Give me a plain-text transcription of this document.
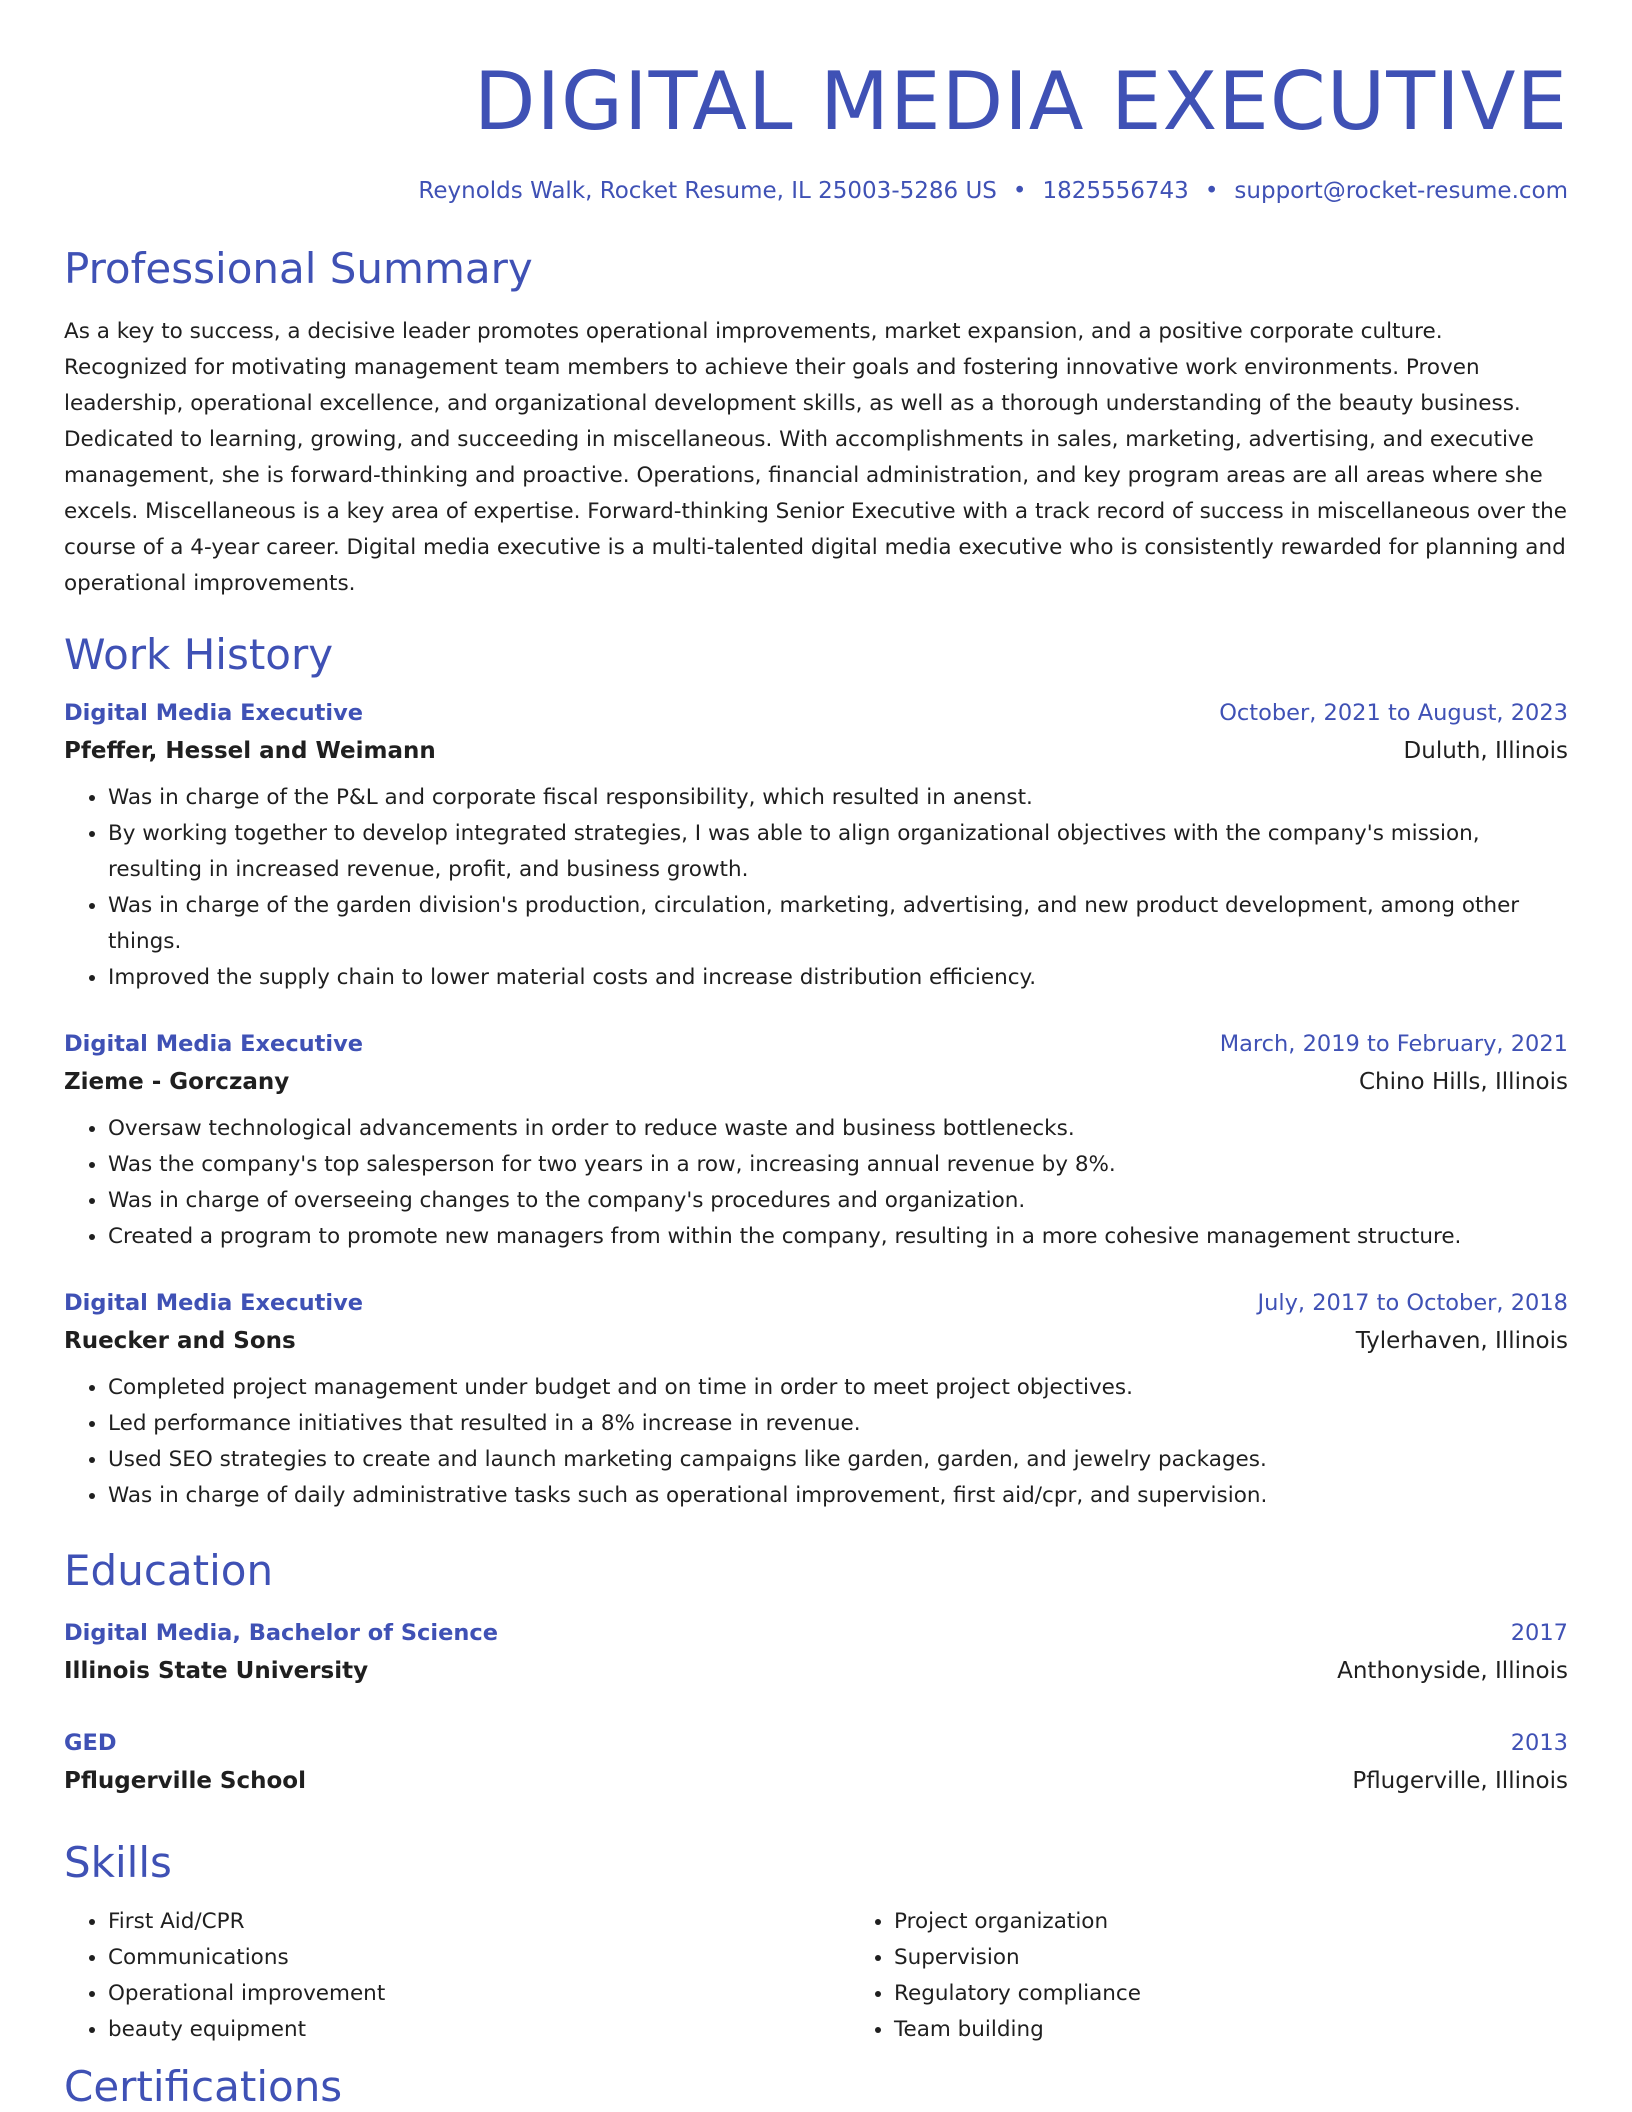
DIGITAL MEDIA EXECUTIVE
Reynolds Walk, Rocket Resume, IL 25003-5286 US • 1825556743 • support@rocket-resume.com
Professional Summary
As a key to success, a decisive leader promotes operational improvements, market expansion, and a positive corporate culture. Recognized for motivating management team members to achieve their goals and fostering innovative work environments. Proven leadership, operational excellence, and organizational development skills, as well as a thorough understanding of the beauty business. Dedicated to learning, growing, and succeeding in miscellaneous. With accomplishments in sales, marketing, advertising, and executive management, she is forward-thinking and proactive. Operations, financial administration, and key program areas are all areas where she excels. Miscellaneous is a key area of expertise. Forward-thinking Senior Executive with a track record of success in miscellaneous over the course of a 4-year career. Digital media executive is a multi-talented digital media executive who is consistently rewarded for planning and operational improvements.
Work History
Digital Media Executive	October, 2021 to August, 2023
Pfeffer, Hessel and Weimann	Duluth, Illinois
• Was in charge of the P&L and corporate fiscal responsibility, which resulted in anenst.
• By working together to develop integrated strategies, I was able to align organizational objectives with the company's mission, resulting in increased revenue, profit, and business growth.
• Was in charge of the garden division's production, circulation, marketing, advertising, and new product development, among other things.
• Improved the supply chain to lower material costs and increase distribution efficiency.
Digital Media Executive	March, 2019 to February, 2021
Zieme - Gorczany	Chino Hills, Illinois
• Oversaw technological advancements in order to reduce waste and business bottlenecks.
• Was the company's top salesperson for two years in a row, increasing annual revenue by 8%.
• Was in charge of overseeing changes to the company's procedures and organization.
• Created a program to promote new managers from within the company, resulting in a more cohesive management structure.
Digital Media Executive	July, 2017 to October, 2018
Ruecker and Sons	Tylerhaven, Illinois
• Completed project management under budget and on time in order to meet project objectives.
• Led performance initiatives that resulted in a 8% increase in revenue.
• Used SEO strategies to create and launch marketing campaigns like garden, garden, and jewelry packages.
• Was in charge of daily administrative tasks such as operational improvement, first aid/cpr, and supervision.
Education
Digital Media, Bachelor of Science	2017
Illinois State University	Anthonyside, Illinois
GED	2013
Pflugerville School	Pflugerville, Illinois
Skills
• First Aid/CPR
• Communications
• Operational improvement
• beauty equipment
• Project organization
• Supervision
• Regulatory compliance
• Team building
Certifications
